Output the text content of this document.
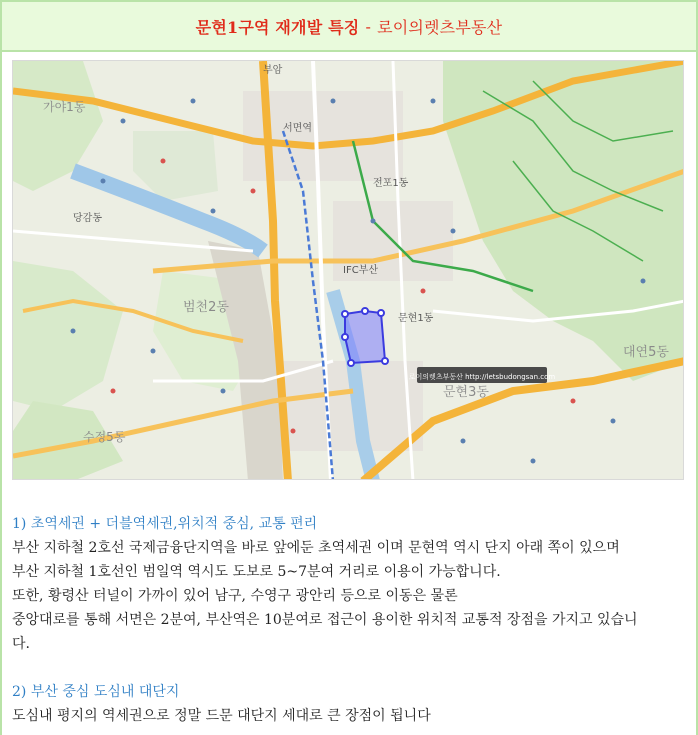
문현1구역 재개발 특징 - 로이의렛츠부동산
로이의렛츠부동산 http://letsbudongsan.com
부암
서면역
IFC부산
범천2동
문현1동
문현3동
대연5동
가야1동
당감동
전포1동
수정5동
1) 초역세권 + 더블역세권,위치적 중심, 교통 편리
부산 지하철 2호선 국제금융단지역을 바로 앞에둔 초역세권 이며 문현역 역시 단지 아래 쪽이 있으며
부산 지하철 1호선인 범일역 역시도 도보로 5~7분여 거리로 이용이 가능합니다.
또한, 황령산 터널이 가까이 있어 남구, 수영구 광안리 등으로 이동은 물론
중앙대로를 통해 서면은 2분여, 부산역은 10분여로 접근이 용이한 위치적 교통적 장점을 가지고 있습니
다.
2) 부산 중심 도심내 대단지
도심내 평지의 역세권으로 정말 드문 대단지 세대로 큰 장점이 됩니다
